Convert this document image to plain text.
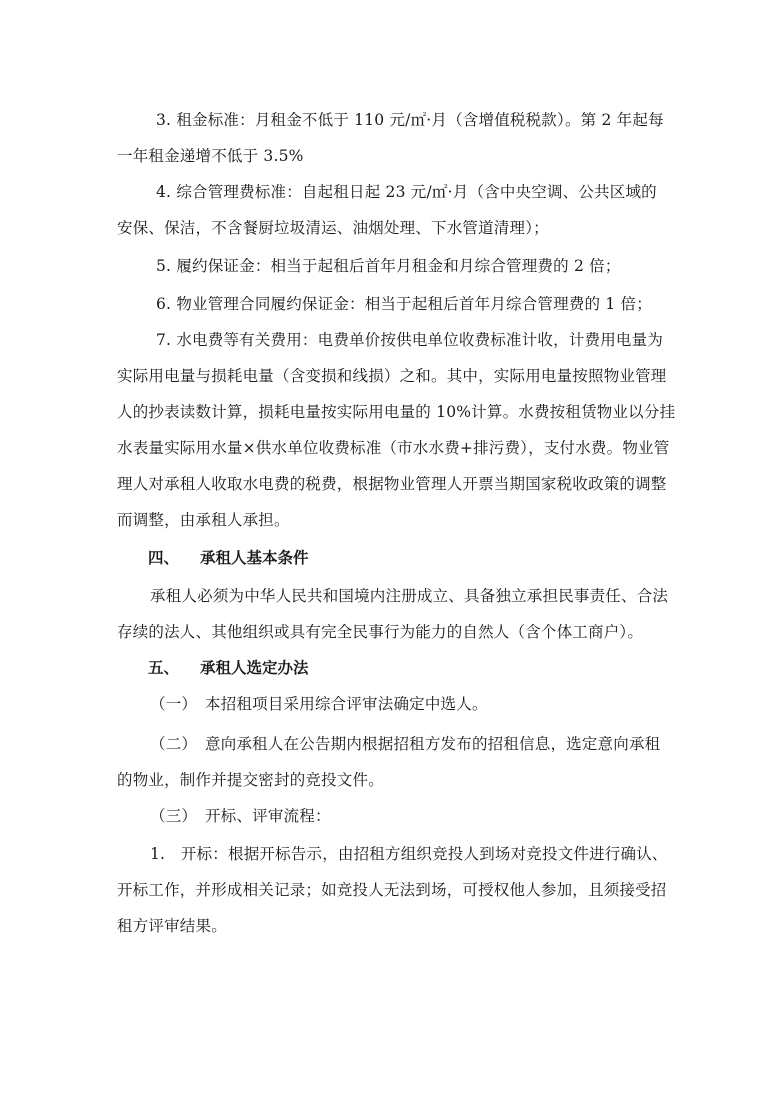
3. 租金标准：月租金不低于 110 元/㎡·月（含增值税税款）。第 2 年起每
一年租金递增不低于 3.5%
4. 综合管理费标准：自起租日起 23 元/㎡·月（含中央空调、公共区域的
安保、保洁，不含餐厨垃圾清运、油烟处理、下水管道清理）；
5. 履约保证金：相当于起租后首年月租金和月综合管理费的 2 倍；
6. 物业管理合同履约保证金：相当于起租后首年月综合管理费的 1 倍；
7. 水电费等有关费用：电费单价按供电单位收费标准计收，计费用电量为
实际用电量与损耗电量（含变损和线损）之和。其中，实际用电量按照物业管理
人的抄表读数计算，损耗电量按实际用电量的 10%计算。水费按租赁物业以分挂
水表量实际用水量×供水单位收费标准（市水水费+排污费），支付水费。物业管
理人对承租人收取水电费的税费，根据物业管理人开票当期国家税收政策的调整
而调整，由承租人承担。
四、 承租人基本条件
承租人必须为中华人民共和国境内注册成立、具备独立承担民事责任、合法
存续的法人、其他组织或具有完全民事行为能力的自然人（含个体工商户）。
五、 承租人选定办法
（一）　本招租项目采用综合评审法确定中选人。
（二）　意向承租人在公告期内根据招租方发布的招租信息，选定意向承租
的物业，制作并提交密封的竞投文件。
（三）　开标、评审流程：
1.　开标：根据开标告示，由招租方组织竞投人到场对竞投文件进行确认、
开标工作，并形成相关记录；如竞投人无法到场，可授权他人参加，且须接受招
租方评审结果。
